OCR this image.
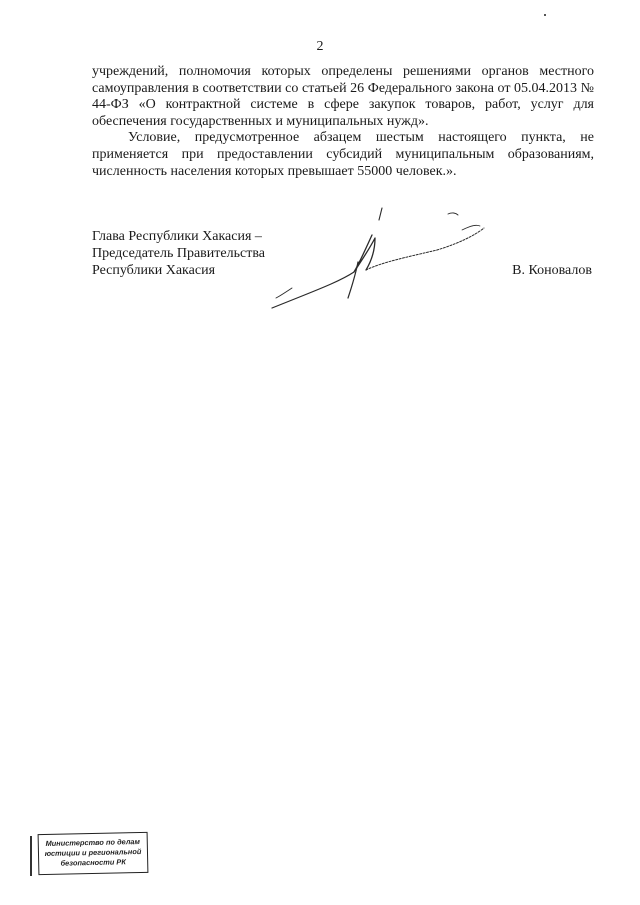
2

учреждений, полномочия которых определены решениями органов местного самоуправления в соответствии со статьей 26 Федерального закона от 05.04.2013 № 44-ФЗ «О контрактной системе в сфере закупок товаров, работ, услуг для обеспечения государственных и муниципальных нужд».

Условие, предусмотренное абзацем шестым настоящего пункта, не применяется при предоставлении субсидий муниципальным образованиям, численность населения которых превышает 55000 человек.».

Глава Республики Хакасия –
Председатель Правительства
Республики Хакасия	В. Коновалов
Министерство по делам
юстиции и региональной
безопасности РК
